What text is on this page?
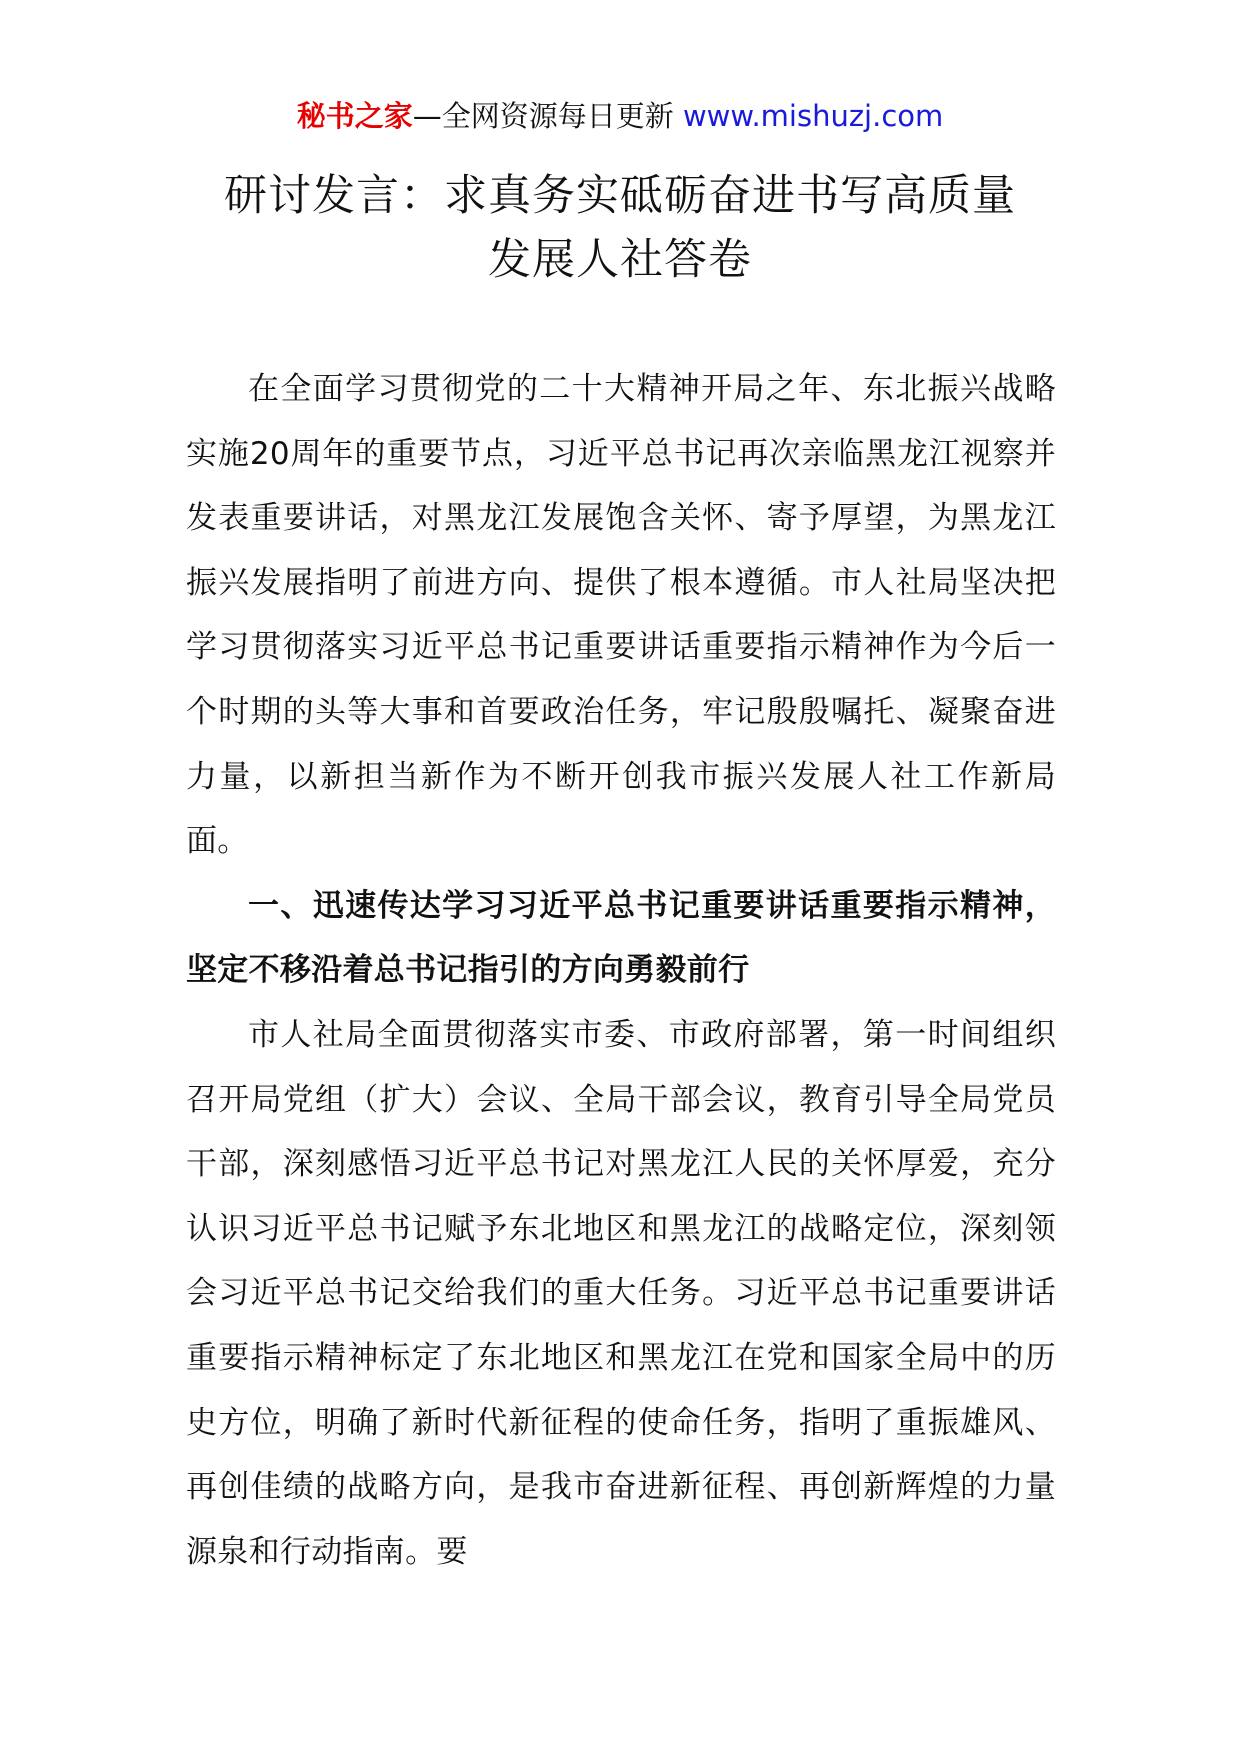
秘书之家—全网资源每日更新 www.mishuzj.com
研讨发言：求真务实砥砺奋进书写高质量
发展人社答卷

在全面学习贯彻党的二十大精神开局之年、东北振兴战略实施20周年的重要节点，习近平总书记再次亲临黑龙江视察并发表重要讲话，对黑龙江发展饱含关怀、寄予厚望，为黑龙江振兴发展指明了前进方向、提供了根本遵循。市人社局坚决把学习贯彻落实习近平总书记重要讲话重要指示精神作为今后一个时期的头等大事和首要政治任务，牢记殷殷嘱托、凝聚奋进力量，以新担当新作为不断开创我市振兴发展人社工作新局面。

一、迅速传达学习习近平总书记重要讲话重要指示精神，坚定不移沿着总书记指引的方向勇毅前行

市人社局全面贯彻落实市委、市政府部署，第一时间组织召开局党组（扩大）会议、全局干部会议，教育引导全局党员干部，深刻感悟习近平总书记对黑龙江人民的关怀厚爱，充分认识习近平总书记赋予东北地区和黑龙江的战略定位，深刻领会习近平总书记交给我们的重大任务。习近平总书记重要讲话重要指示精神标定了东北地区和黑龙江在党和国家全局中的历史方位，明确了新时代新征程的使命任务，指明了重振雄风、再创佳绩的战略方向，是我市奋进新征程、再创新辉煌的力量源泉和行动指南。要
